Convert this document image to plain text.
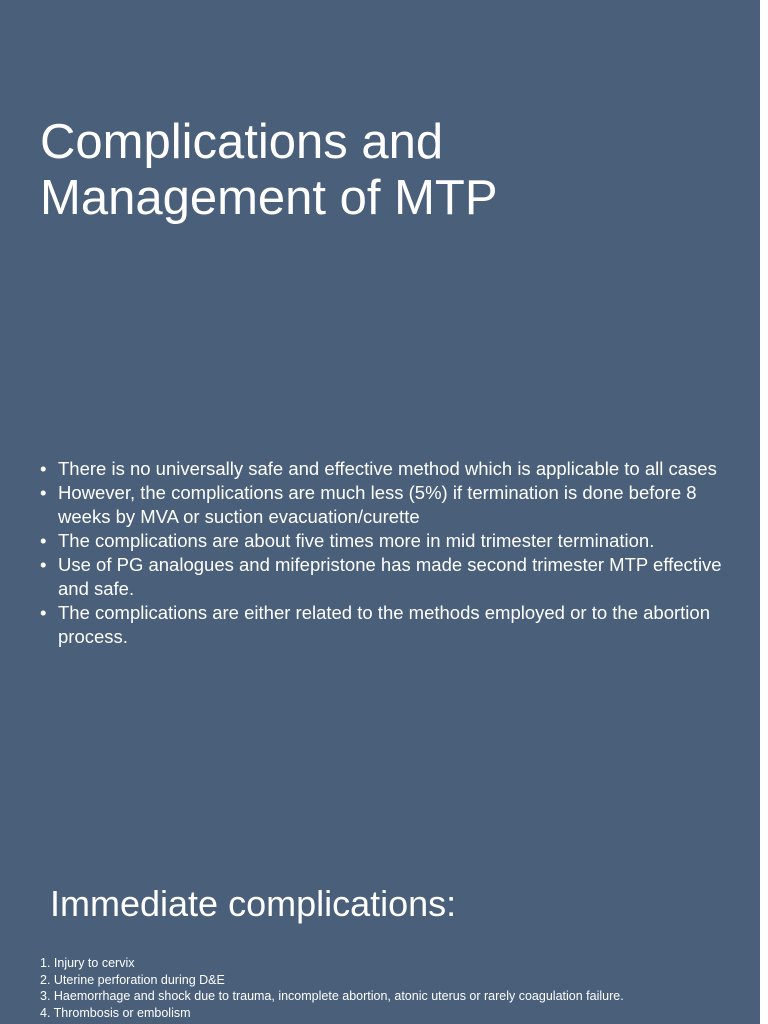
Complications and
Management of MTP
• There is no universally safe and effective method which is applicable to all cases
• However, the complications are much less (5%) if termination is done before 8 weeks by MVA or suction evacuation/curette
• The complications are about five times more in mid trimester termination.
• Use of PG analogues and mifepristone has made second trimester MTP effective and safe.
• The complications are either related to the methods employed or to the abortion process.
Immediate complications:
1. Injury to cervix
2. Uterine perforation during D&E
3. Haemorrhage and shock due to trauma, incomplete abortion, atonic uterus or rarely coagulation failure.
4. Thrombosis or embolism
